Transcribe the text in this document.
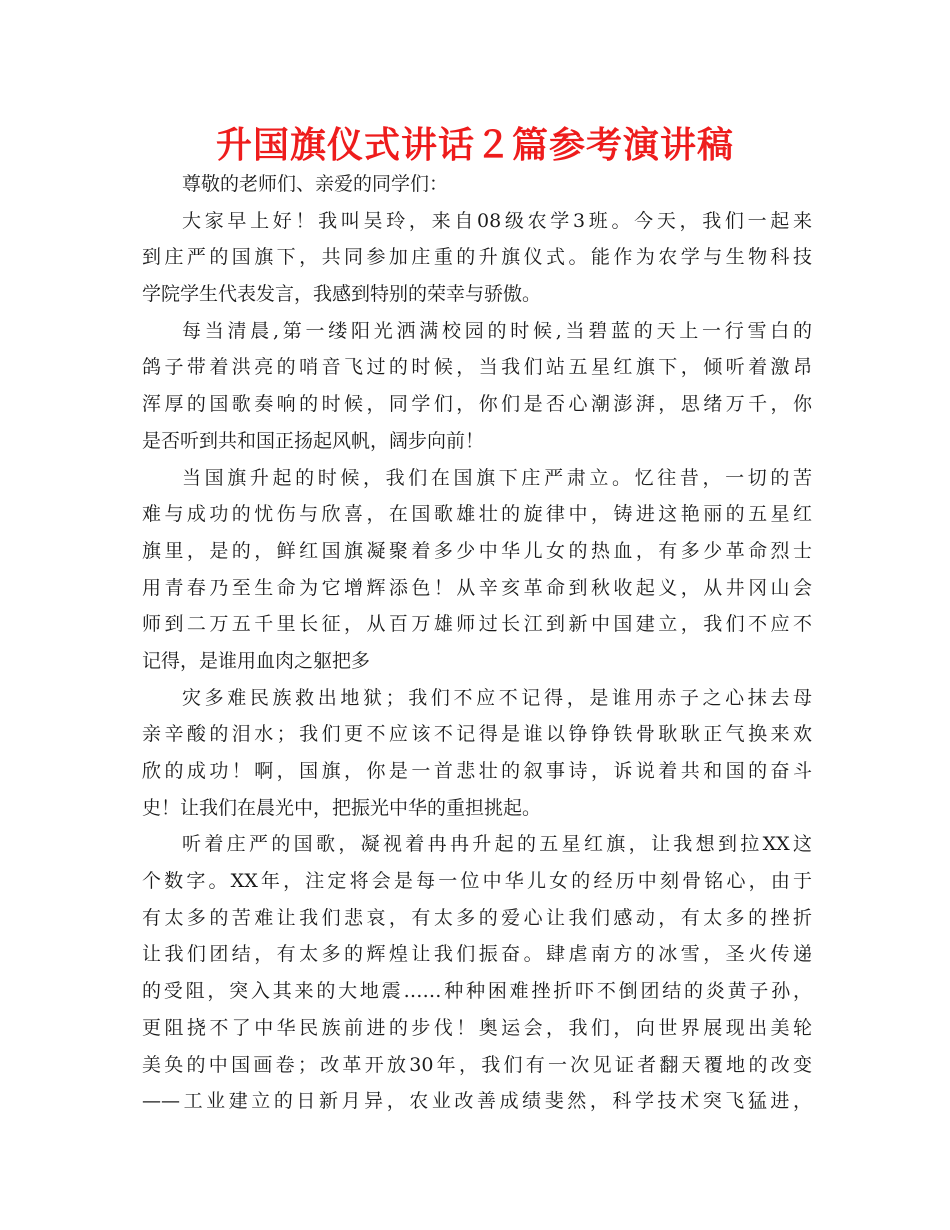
升国旗仪式讲话２篇参考演讲稿
尊敬的老师们、亲爱的同学们：
大家早上好！我叫吴玲，来自08级农学3班。今天，我们一起来
到庄严的国旗下，共同参加庄重的升旗仪式。能作为农学与生物科技
学院学生代表发言，我感到特别的荣幸与骄傲。
每当清晨,第一缕阳光洒满校园的时候,当碧蓝的天上一行雪白的
鸽子带着洪亮的哨音飞过的时候，当我们站五星红旗下，倾听着激昂
浑厚的国歌奏响的时候，同学们，你们是否心潮澎湃，思绪万千，你
是否听到共和国正扬起风帆，阔步向前！
当国旗升起的时候，我们在国旗下庄严肃立。忆往昔，一切的苦
难与成功的忧伤与欣喜，在国歌雄壮的旋律中，铸进这艳丽的五星红
旗里，是的，鲜红国旗凝聚着多少中华儿女的热血，有多少革命烈士
用青春乃至生命为它增辉添色！从辛亥革命到秋收起义，从井冈山会
师到二万五千里长征，从百万雄师过长江到新中国建立，我们不应不
记得，是谁用血肉之躯把多
灾多难民族救出地狱；我们不应不记得，是谁用赤子之心抹去母
亲辛酸的泪水；我们更不应该不记得是谁以铮铮铁骨耿耿正气换来欢
欣的成功！啊，国旗，你是一首悲壮的叙事诗，诉说着共和国的奋斗
史！让我们在晨光中，把振光中华的重担挑起。
听着庄严的国歌，凝视着冉冉升起的五星红旗，让我想到拉XX这
个数字。XX年，注定将会是每一位中华儿女的经历中刻骨铭心，由于
有太多的苦难让我们悲哀，有太多的爱心让我们感动，有太多的挫折
让我们团结，有太多的辉煌让我们振奋。肆虐南方的冰雪，圣火传递
的受阻，突入其来的大地震……种种困难挫折吓不倒团结的炎黄子孙，
更阻挠不了中华民族前进的步伐！奥运会，我们，向世界展现出美轮
美奂的中国画卷；改革开放30年，我们有一次见证者翻天覆地的改变
——工业建立的日新月异，农业改善成绩斐然，科学技术突飞猛进，
